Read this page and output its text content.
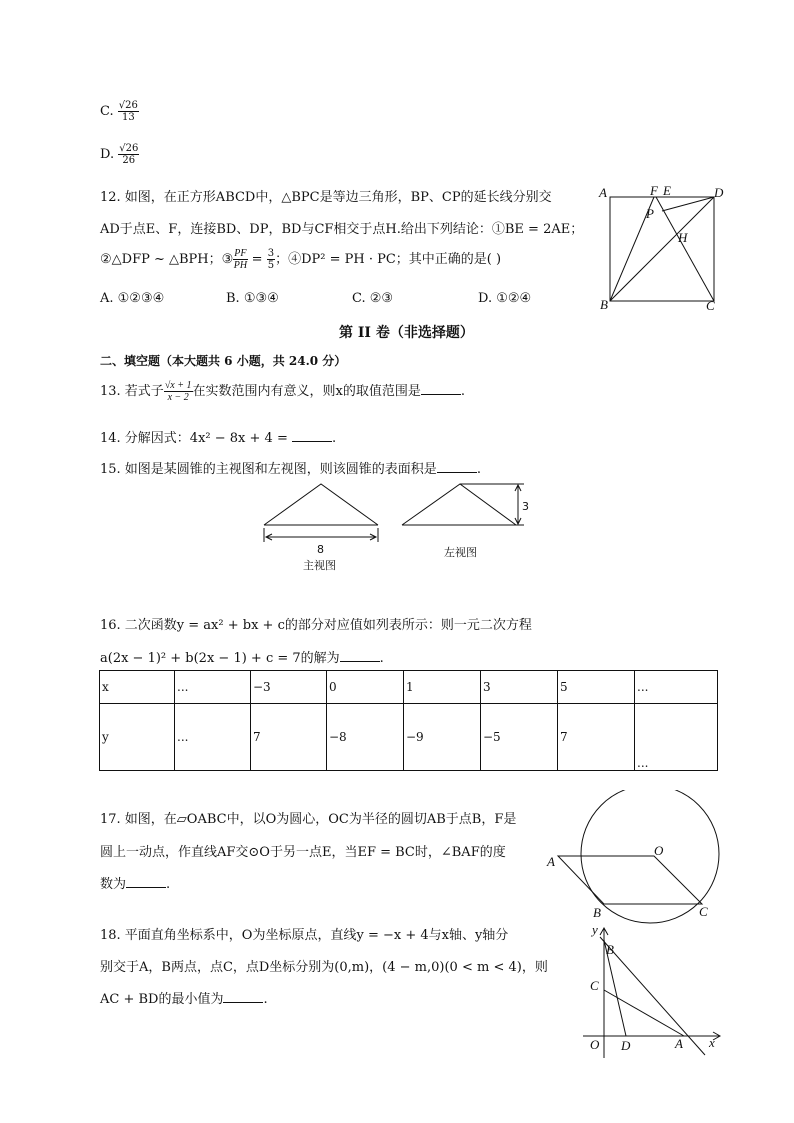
C. $\frac{√26}{13}$
D. $\frac{√26}{26}$
12. 如图，在正方形ABCD中，△BPC是等边三角形，BP、CP的延长线分别交
AD于点E、F，连接BD、DP，BD与CF相交于点H.给出下列结论：①BE = 2AE；
②△DFP ~ △BPH；③ $\frac{PF}{PH} = \frac{3}{5}$ ；④DP² = PH · PC；其中正确的是( )
A. ①②③④	B. ①③④	C. ②③	D. ①②④
A	F E	D
P
H
B	C
第 II 卷（非选择题）
二、填空题（本大题共 6 小题，共 24.0 分）
13. 若式子 $\frac{√x + 1}{x - 2}$ 在实数范围内有意义，则x的取值范围是	.
14. 分解因式：4x² − 8x + 4 =	.
15. 如图是某圆锥的主视图和左视图，则该圆锥的表面积是	.
8
主视图
3
左视图
16. 二次函数y = ax² + bx + c的部分对应值如列表所示：则一元二次方程
a(2x − 1)² + b(2x − 1) + c = 7的解为	.
x	...	−3	0	1	3	5	...
y	...	7	−8	−9	−5	7	...
17. 如图，在▱OABC中，以O为圆心，OC为半径的圆切AB于点B，F是
圆上一动点，作直线AF交⊙O于另一点E，当EF = BC时，∠BAF的度
数为	.
A
O
B	C
18. 平面直角坐标系中，O为坐标原点，直线y = −x + 4与x轴、y轴分
别交于A，B两点，点C，点D坐标分别为(0,m)，(4 − m,0)(0 < m < 4)，则
AC + BD的最小值为	.
y
x
B
C
O D	A
